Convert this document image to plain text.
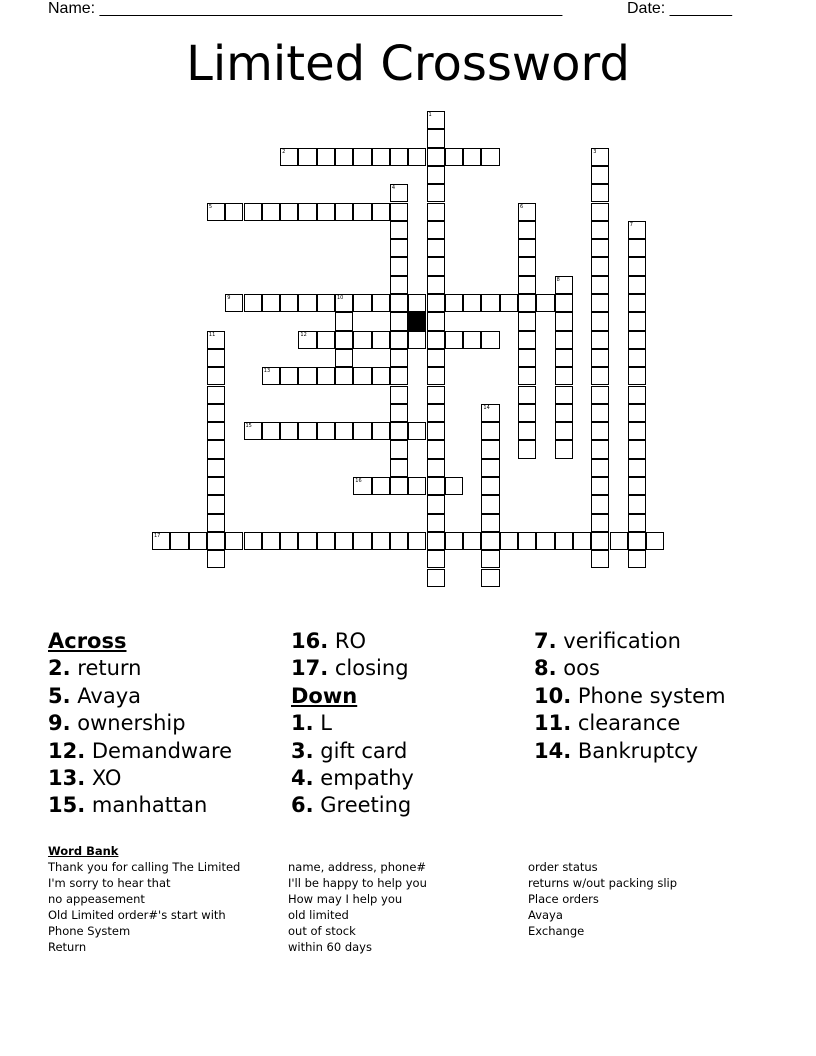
Name: ____________________________________________________	Date: _______
Limited Crossword
1
2	3
4
5	6
7
8
9	10
11	12
13
14
15
16
17
Across
2. return
5. Avaya
9. ownership
12. Demandware
13. XO
15. manhattan
16. RO
17. closing
Down
1. L
3. gift card
4. empathy
6. Greeting
7. verification
8. oos
10. Phone system
11. clearance
14. Bankruptcy
Word Bank
Thank you for calling The Limited
I'm sorry to hear that
no appeasement
Old Limited order#'s start with
Phone System
Return
name, address, phone#
I'll be happy to help you
How may I help you
old limited
out of stock
within 60 days
order status
returns w/out packing slip
Place orders
Avaya
Exchange
